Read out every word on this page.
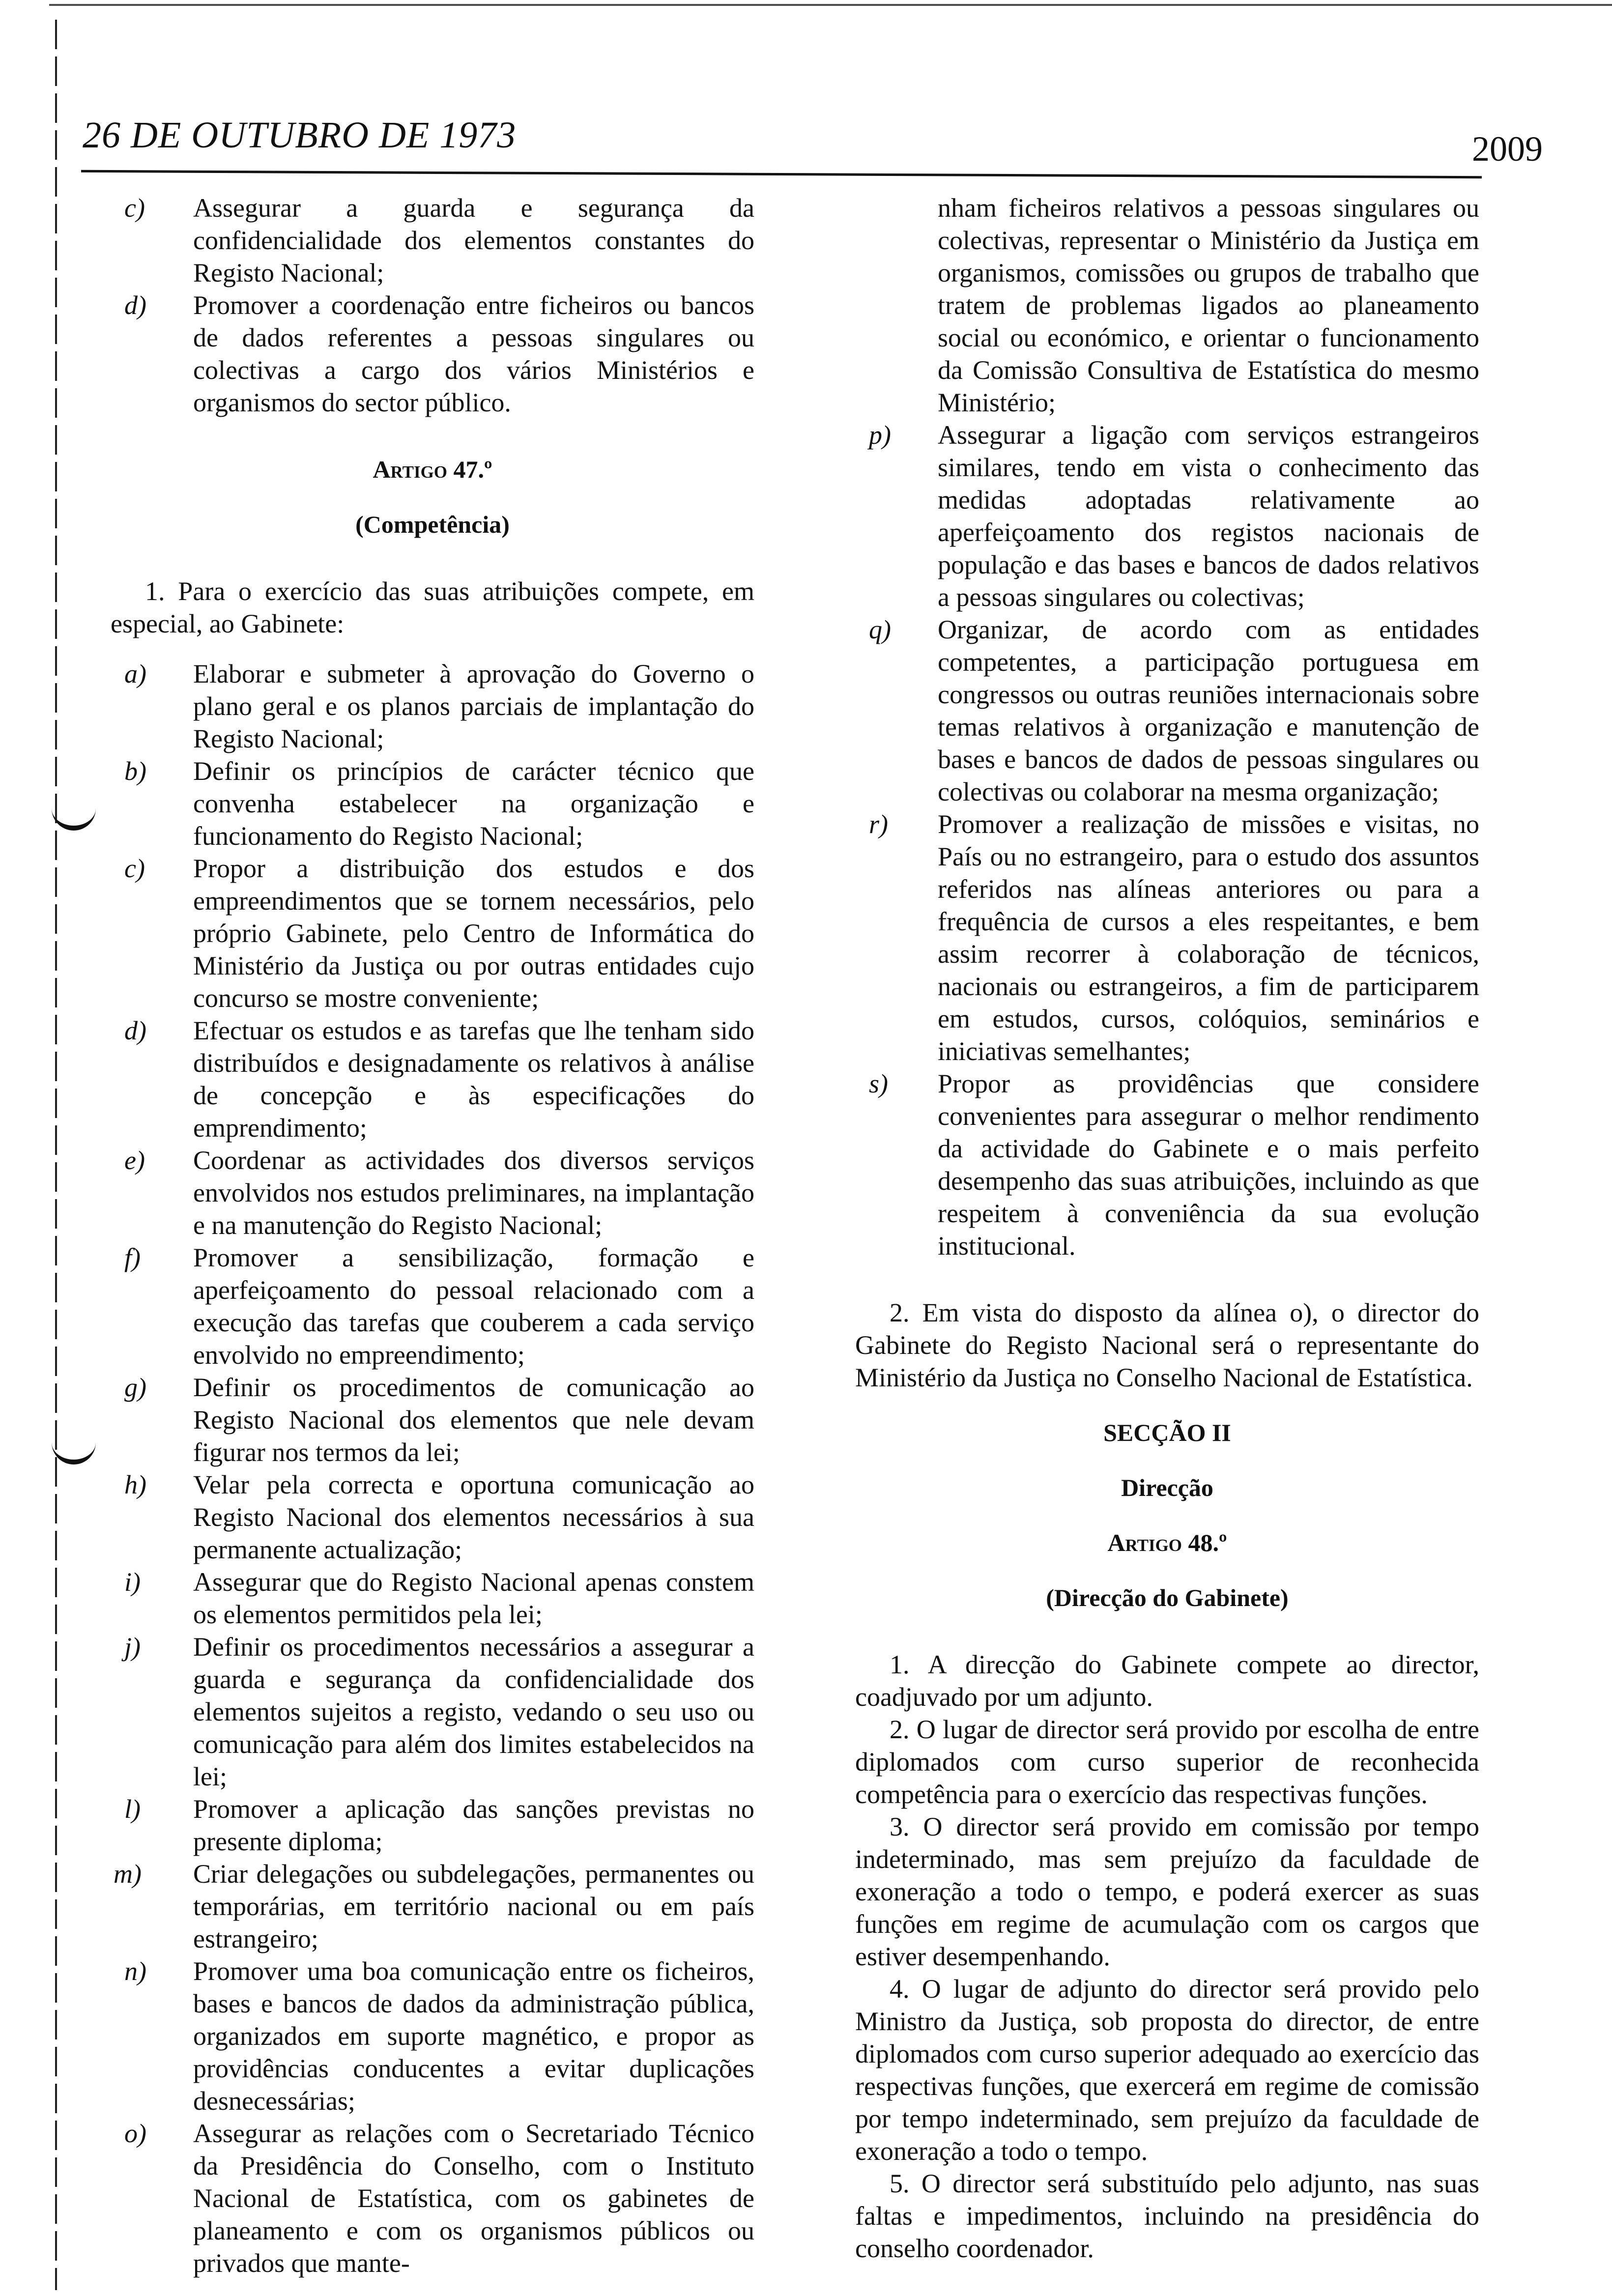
26 DE OUTUBRO DE 1973	2009
c) Assegurar a guarda e segurança da confidencialidade dos elementos constantes do Registo Nacional;
d) Promover a coordenação entre ficheiros ou bancos de dados referentes a pessoas singulares ou colectivas a cargo dos vários Ministérios e organismos do sector público.

Artigo 47.º

(Competência)

1. Para o exercício das suas atribuições compete, em especial, ao Gabinete:

a) Elaborar e submeter à aprovação do Governo o plano geral e os planos parciais de implantação do Registo Nacional;
b) Definir os princípios de carácter técnico que convenha estabelecer na organização e funcionamento do Registo Nacional;
c) Propor a distribuição dos estudos e dos empreendimentos que se tornem necessários, pelo próprio Gabinete, pelo Centro de Informática do Ministério da Justiça ou por outras entidades cujo concurso se mostre conveniente;
d) Efectuar os estudos e as tarefas que lhe tenham sido distribuídos e designadamente os relativos à análise de concepção e às especificações do emprendimento;
e) Coordenar as actividades dos diversos serviços envolvidos nos estudos preliminares, na implantação e na manutenção do Registo Nacional;
f) Promover a sensibilização, formação e aperfeiçoamento do pessoal relacionado com a execução das tarefas que couberem a cada serviço envolvido no empreendimento;
g) Definir os procedimentos de comunicação ao Registo Nacional dos elementos que nele devam figurar nos termos da lei;
h) Velar pela correcta e oportuna comunicação ao Registo Nacional dos elementos necessários à sua permanente actualização;
i) Assegurar que do Registo Nacional apenas constem os elementos permitidos pela lei;
j) Definir os procedimentos necessários a assegurar a guarda e segurança da confidencialidade dos elementos sujeitos a registo, vedando o seu uso ou comunicação para além dos limites estabelecidos na lei;
l) Promover a aplicação das sanções previstas no presente diploma;
m) Criar delegações ou subdelegações, permanentes ou temporárias, em território nacional ou em país estrangeiro;
n) Promover uma boa comunicação entre os ficheiros, bases e bancos de dados da administração pública, organizados em suporte magnético, e propor as providências conducentes a evitar duplicações desnecessárias;
o) Assegurar as relações com o Secretariado Técnico da Presidência do Conselho, com o Instituto Nacional de Estatística, com os gabinetes de planeamento e com os organismos públicos ou privados que mante-

nham ficheiros relativos a pessoas singulares ou colectivas, representar o Ministério da Justiça em organismos, comissões ou grupos de trabalho que tratem de problemas ligados ao planeamento social ou económico, e orientar o funcionamento da Comissão Consultiva de Estatística do mesmo Ministério;

p) Assegurar a ligação com serviços estrangeiros similares, tendo em vista o conhecimento das medidas adoptadas relativamente ao aperfeiçoamento dos registos nacionais de população e das bases e bancos de dados relativos a pessoas singulares ou colectivas;
q) Organizar, de acordo com as entidades competentes, a participação portuguesa em congressos ou outras reuniões internacionais sobre temas relativos à organização e manutenção de bases e bancos de dados de pessoas singulares ou colectivas ou colaborar na mesma organização;
r) Promover a realização de missões e visitas, no País ou no estrangeiro, para o estudo dos assuntos referidos nas alíneas anteriores ou para a frequência de cursos a eles respeitantes, e bem assim recorrer à colaboração de técnicos, nacionais ou estrangeiros, a fim de participarem em estudos, cursos, colóquios, seminários e iniciativas semelhantes;
s) Propor as providências que considere convenientes para assegurar o melhor rendimento da actividade do Gabinete e o mais perfeito desempenho das suas atribuições, incluindo as que respeitem à conveniência da sua evolução institucional.

2. Em vista do disposto da alínea o), o director do Gabinete do Registo Nacional será o representante do Ministério da Justiça no Conselho Nacional de Estatística.

SECÇÃO II

Direcção

Artigo 48.º

(Direcção do Gabinete)

1. A direcção do Gabinete compete ao director, coadjuvado por um adjunto.

2. O lugar de director será provido por escolha de entre diplomados com curso superior de reconhecida competência para o exercício das respectivas funções.

3. O director será provido em comissão por tempo indeterminado, mas sem prejuízo da faculdade de exoneração a todo o tempo, e poderá exercer as suas funções em regime de acumulação com os cargos que estiver desempenhando.

4. O lugar de adjunto do director será provido pelo Ministro da Justiça, sob proposta do director, de entre diplomados com curso superior adequado ao exercício das respectivas funções, que exercerá em regime de comissão por tempo indeterminado, sem prejuízo da faculdade de exoneração a todo o tempo.

5. O director será substituído pelo adjunto, nas suas faltas e impedimentos, incluindo na presidência do conselho coordenador.
